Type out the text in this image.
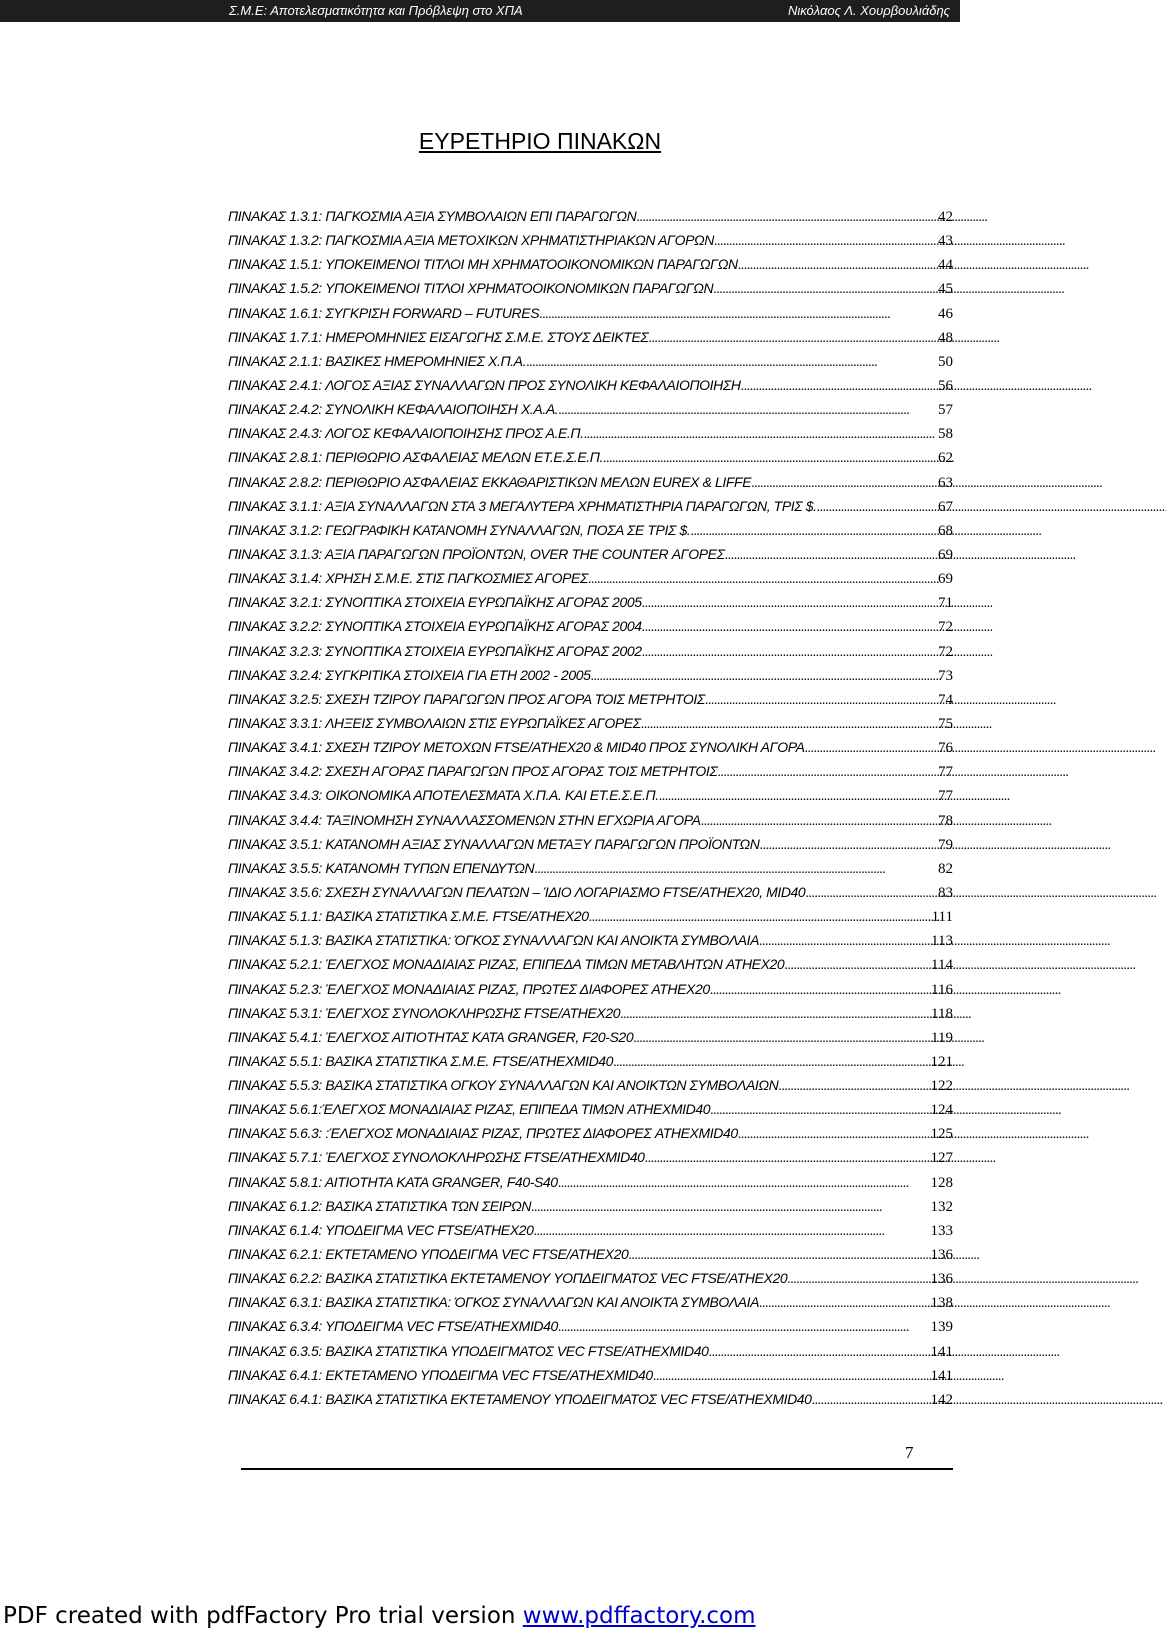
Σ.Μ.Ε: Αποτελεσματικότητα και Πρόβλεψη στο ΧΠΑ	Νικόλαος Λ. Χουρβουλιάδης
ΕΥΡΕΤΗΡΙΟ ΠΙΝΑΚΩΝ
ΠΙΝΑΚΑΣ 1.3.1: ΠΑΓΚΟΣΜΙΑ ΑΞΙΑ ΣΥΜΒΟΛΑΙΩΝ ΕΠΙ ΠΑΡΑΓΩΓΩΝ . . .	42
ΠΙΝΑΚΑΣ 1.3.2: ΠΑΓΚΟΣΜΙΑ ΑΞΙΑ ΜΕΤΟΧΙΚΩΝ ΧΡΗΜΑΤΙΣΤΗΡΙΑΚΩΝ ΑΓΟΡΩΝ . . .	43
ΠΙΝΑΚΑΣ 1.5.1: ΥΠΟΚΕΙΜΕΝΟΙ ΤΙΤΛΟΙ ΜΗ ΧΡΗΜΑΤΟΟΙΚΟΝΟΜΙΚΩΝ ΠΑΡΑΓΩΓΩΝ . . .	44
ΠΙΝΑΚΑΣ 1.5.2: ΥΠΟΚΕΙΜΕΝΟΙ ΤΙΤΛΟΙ ΧΡΗΜΑΤΟΟΙΚΟΝΟΜΙΚΩΝ ΠΑΡΑΓΩΓΩΝ . . .	45
ΠΙΝΑΚΑΣ 1.6.1: ΣΥΓΚΡΙΣΗ FORWARD – FUTURES . . .	46
ΠΙΝΑΚΑΣ 1.7.1: ΗΜΕΡΟΜΗΝΙΕΣ ΕΙΣΑΓΩΓΗΣ Σ.Μ.Ε. ΣΤΟΥΣ ΔΕΙΚΤΕΣ . . .	48
ΠΙΝΑΚΑΣ 2.1.1: ΒΑΣΙΚΕΣ ΗΜΕΡΟΜΗΝΙΕΣ Χ.Π.Α. . . .	50
ΠΙΝΑΚΑΣ 2.4.1: ΛΟΓΟΣ ΑΞΙΑΣ ΣΥΝΑΛΛΑΓΩΝ ΠΡΟΣ ΣΥΝΟΛΙΚΗ ΚΕΦΑΛΑΙΟΠΟΙΗΣΗ . . .	56
ΠΙΝΑΚΑΣ 2.4.2: ΣΥΝΟΛΙΚΗ ΚΕΦΑΛΑΙΟΠΟΙΗΣΗ Χ.Α.Α. . . .	57
ΠΙΝΑΚΑΣ 2.4.3: ΛΟΓΟΣ ΚΕΦΑΛΑΙΟΠΟΙΗΣΗΣ ΠΡΟΣ Α.Ε.Π. . . .	58
ΠΙΝΑΚΑΣ 2.8.1: ΠΕΡΙΘΩΡΙΟ ΑΣΦΑΛΕΙΑΣ ΜΕΛΩΝ ΕΤ.Ε.Σ.Ε.Π. . . .	62
ΠΙΝΑΚΑΣ 2.8.2: ΠΕΡΙΘΩΡΙΟ ΑΣΦΑΛΕΙΑΣ ΕΚΚΑΘΑΡΙΣΤΙΚΩΝ ΜΕΛΩΝ EUREX & LIFFE . . .	63
ΠΙΝΑΚΑΣ 3.1.1: ΑΞΙΑ ΣΥΝΑΛΛΑΓΩΝ ΣΤΑ 3 ΜΕΓΑΛΥΤΕΡΑ ΧΡΗΜΑΤΙΣΤΗΡΙΑ ΠΑΡΑΓΩΓΩΝ, ΤΡΙΣ $. . . .	67
ΠΙΝΑΚΑΣ 3.1.2: ΓΕΩΓΡΑΦΙΚΗ ΚΑΤΑΝΟΜΗ ΣΥΝΑΛΛΑΓΩΝ, ΠΟΣΑ ΣΕ ΤΡΙΣ $. . . .	68
ΠΙΝΑΚΑΣ 3.1.3: ΑΞΙΑ ΠΑΡΑΓΩΓΩΝ ΠΡΟΪΟΝΤΩΝ, OVER THE COUNTER ΑΓΟΡΕΣ . . .	69
ΠΙΝΑΚΑΣ 3.1.4: ΧΡΗΣΗ Σ.Μ.Ε. ΣΤΙΣ ΠΑΓΚΟΣΜΙΕΣ ΑΓΟΡΕΣ . . .	69
ΠΙΝΑΚΑΣ 3.2.1: ΣΥΝΟΠΤΙΚΑ ΣΤΟΙΧΕΙΑ ΕΥΡΩΠΑΪΚΗΣ ΑΓΟΡΑΣ 2005 . . .	71
ΠΙΝΑΚΑΣ 3.2.2: ΣΥΝΟΠΤΙΚΑ ΣΤΟΙΧΕΙΑ ΕΥΡΩΠΑΪΚΗΣ ΑΓΟΡΑΣ 2004 . . .	72
ΠΙΝΑΚΑΣ 3.2.3: ΣΥΝΟΠΤΙΚΑ ΣΤΟΙΧΕΙΑ ΕΥΡΩΠΑΪΚΗΣ ΑΓΟΡΑΣ 2002 . . .	72
ΠΙΝΑΚΑΣ 3.2.4: ΣΥΓΚΡΙΤΙΚΑ ΣΤΟΙΧΕΙΑ ΓΙΑ ΕΤΗ 2002 - 2005 . . .	73
ΠΙΝΑΚΑΣ 3.2.5: ΣΧΕΣΗ ΤΖΙΡΟΥ ΠΑΡΑΓΩΓΩΝ ΠΡΟΣ ΑΓΟΡΑ ΤΟΙΣ ΜΕΤΡΗΤΟΙΣ . . .	74
ΠΙΝΑΚΑΣ 3.3.1: ΛΗΞΕΙΣ ΣΥΜΒΟΛΑΙΩΝ ΣΤΙΣ ΕΥΡΩΠΑΪΚΕΣ ΑΓΟΡΕΣ . . .	75
ΠΙΝΑΚΑΣ 3.4.1: ΣΧΕΣΗ ΤΖΙΡΟΥ ΜΕΤΟΧΩΝ FTSE/ATHEX20 & MID40 ΠΡΟΣ ΣΥΝΟΛΙΚΗ ΑΓΟΡΑ . . .	76
ΠΙΝΑΚΑΣ 3.4.2: ΣΧΕΣΗ ΑΓΟΡΑΣ ΠΑΡΑΓΩΓΩΝ ΠΡΟΣ ΑΓΟΡΑΣ ΤΟΙΣ ΜΕΤΡΗΤΟΙΣ . . .	77
ΠΙΝΑΚΑΣ 3.4.3: ΟΙΚΟΝΟΜΙΚΑ ΑΠΟΤΕΛΕΣΜΑΤΑ Χ.Π.Α. ΚΑΙ ΕΤ.Ε.Σ.Ε.Π. . . .	77
ΠΙΝΑΚΑΣ 3.4.4: ΤΑΞΙΝΟΜΗΣΗ ΣΥΝΑΛΛΑΣΣΟΜΕΝΩΝ ΣΤΗΝ ΕΓΧΩΡΙΑ ΑΓΟΡΑ . . .	78
ΠΙΝΑΚΑΣ 3.5.1: ΚΑΤΑΝΟΜΗ ΑΞΙΑΣ ΣΥΝΑΛΛΑΓΩΝ ΜΕΤΑΞΥ ΠΑΡΑΓΩΓΩΝ ΠΡΟΪΟΝΤΩΝ . . .	79
ΠΙΝΑΚΑΣ 3.5.5: ΚΑΤΑΝΟΜΗ ΤΥΠΩΝ ΕΠΕΝΔΥΤΩΝ . . .	82
ΠΙΝΑΚΑΣ 3.5.6: ΣΧΕΣΗ ΣΥΝΑΛΛΑΓΩΝ ΠΕΛΑΤΩΝ – ΊΔΙΟ ΛΟΓΑΡΙΑΣΜΟ FTSE/ATHEX20, MID40 . . .	83
ΠΙΝΑΚΑΣ 5.1.1: ΒΑΣΙΚΑ ΣΤΑΤΙΣΤΙΚΑ Σ.Μ.Ε. FTSE/ATHEX20 . . .	111
ΠΙΝΑΚΑΣ 5.1.3: ΒΑΣΙΚΑ ΣΤΑΤΙΣΤΙΚΑ: ΌΓΚΟΣ ΣΥΝΑΛΛΑΓΩΝ ΚΑΙ ΑΝΟΙΚΤΑ ΣΥΜΒΟΛΑΙΑ . . .	113
ΠΙΝΑΚΑΣ 5.2.1: ΈΛΕΓΧΟΣ ΜΟΝΑΔΙΑΙΑΣ ΡΙΖΑΣ, ΕΠΙΠΕΔΑ ΤΙΜΩΝ ΜΕΤΑΒΛΗΤΩΝ ATHEX20 . . .	114
ΠΙΝΑΚΑΣ 5.2.3: ΈΛΕΓΧΟΣ ΜΟΝΑΔΙΑΙΑΣ ΡΙΖΑΣ, ΠΡΩΤΕΣ ΔΙΑΦΟΡΕΣ ATHEX20 . . .	116
ΠΙΝΑΚΑΣ 5.3.1: ΈΛΕΓΧΟΣ ΣΥΝΟΛΟΚΛΗΡΩΣΗΣ FTSE/ATHEX20 . . .	118
ΠΙΝΑΚΑΣ 5.4.1: ΈΛΕΓΧΟΣ ΑΙΤΙΟΤΗΤΑΣ ΚΑΤΑ GRANGER, F20-S20 . . .	119
ΠΙΝΑΚΑΣ 5.5.1: ΒΑΣΙΚΑ ΣΤΑΤΙΣΤΙΚΑ Σ.Μ.Ε. FTSE/ATHEXMID40 . . .	121
ΠΙΝΑΚΑΣ 5.5.3: ΒΑΣΙΚΑ ΣΤΑΤΙΣΤΙΚΑ ΟΓΚΟΥ ΣΥΝΑΛΛΑΓΩΝ ΚΑΙ ΑΝΟΙΚΤΩΝ ΣΥΜΒΟΛΑΙΩΝ . . .	122
ΠΙΝΑΚΑΣ 5.6.1:ΈΛΕΓΧΟΣ ΜΟΝΑΔΙΑΙΑΣ ΡΙΖΑΣ, ΕΠΙΠΕΔΑ ΤΙΜΩΝ ATHEXMID40 . . .	124
ΠΙΝΑΚΑΣ 5.6.3: :ΈΛΕΓΧΟΣ ΜΟΝΑΔΙΑΙΑΣ ΡΙΖΑΣ, ΠΡΩΤΕΣ ΔΙΑΦΟΡΕΣ ATHEXMID40 . . .	125
ΠΙΝΑΚΑΣ 5.7.1: ΈΛΕΓΧΟΣ ΣΥΝΟΛΟΚΛΗΡΩΣΗΣ FTSE/ATHEXMID40 . . .	127
ΠΙΝΑΚΑΣ 5.8.1: ΑΙΤΙΟΤΗΤΑ ΚΑΤΑ GRANGER, F40-S40 . . .	128
ΠΙΝΑΚΑΣ 6.1.2: ΒΑΣΙΚΑ ΣΤΑΤΙΣΤΙΚΑ ΤΩΝ ΣΕΙΡΩΝ . . .	132
ΠΙΝΑΚΑΣ 6.1.4: ΥΠΟΔΕΙΓΜΑ VEC FTSE/ATHEX20 . . .	133
ΠΙΝΑΚΑΣ 6.2.1: ΕΚΤΕΤΑΜΕΝΟ ΥΠΟΔΕΙΓΜΑ VEC FTSE/ATHEX20 . . .	136
ΠΙΝΑΚΑΣ 6.2.2: ΒΑΣΙΚΑ ΣΤΑΤΙΣΤΙΚΑ ΕΚΤΕΤΑΜΕΝΟΥ ΥΟΠΔΕΙΓΜΑΤΟΣ VEC FTSE/ATHEX20 . . .	136
ΠΙΝΑΚΑΣ 6.3.1: ΒΑΣΙΚΑ ΣΤΑΤΙΣΤΙΚΑ: ΌΓΚΟΣ ΣΥΝΑΛΛΑΓΩΝ ΚΑΙ ΑΝΟΙΚΤΑ ΣΥΜΒΟΛΑΙΑ . . .	138
ΠΙΝΑΚΑΣ 6.3.4: ΥΠΟΔΕΙΓΜΑ VEC FTSE/ATHEXMID40 . . .	139
ΠΙΝΑΚΑΣ 6.3.5: ΒΑΣΙΚΑ ΣΤΑΤΙΣΤΙΚΑ ΥΠΟΔΕΙΓΜΑΤΟΣ VEC FTSE/ATHEXMID40 . . .	141
ΠΙΝΑΚΑΣ 6.4.1: ΕΚΤΕΤΑΜΕΝΟ ΥΠΟΔΕΙΓΜΑ VEC FTSE/ATHEXMID40 . . .	141
ΠΙΝΑΚΑΣ 6.4.1: ΒΑΣΙΚΑ ΣΤΑΤΙΣΤΙΚΑ ΕΚΤΕΤΑΜΕΝΟΥ ΥΠΟΔΕΙΓΜΑΤΟΣ VEC FTSE/ATHEXMID40 . . .	142
7
PDF created with pdfFactory Pro trial version www.pdffactory.com
